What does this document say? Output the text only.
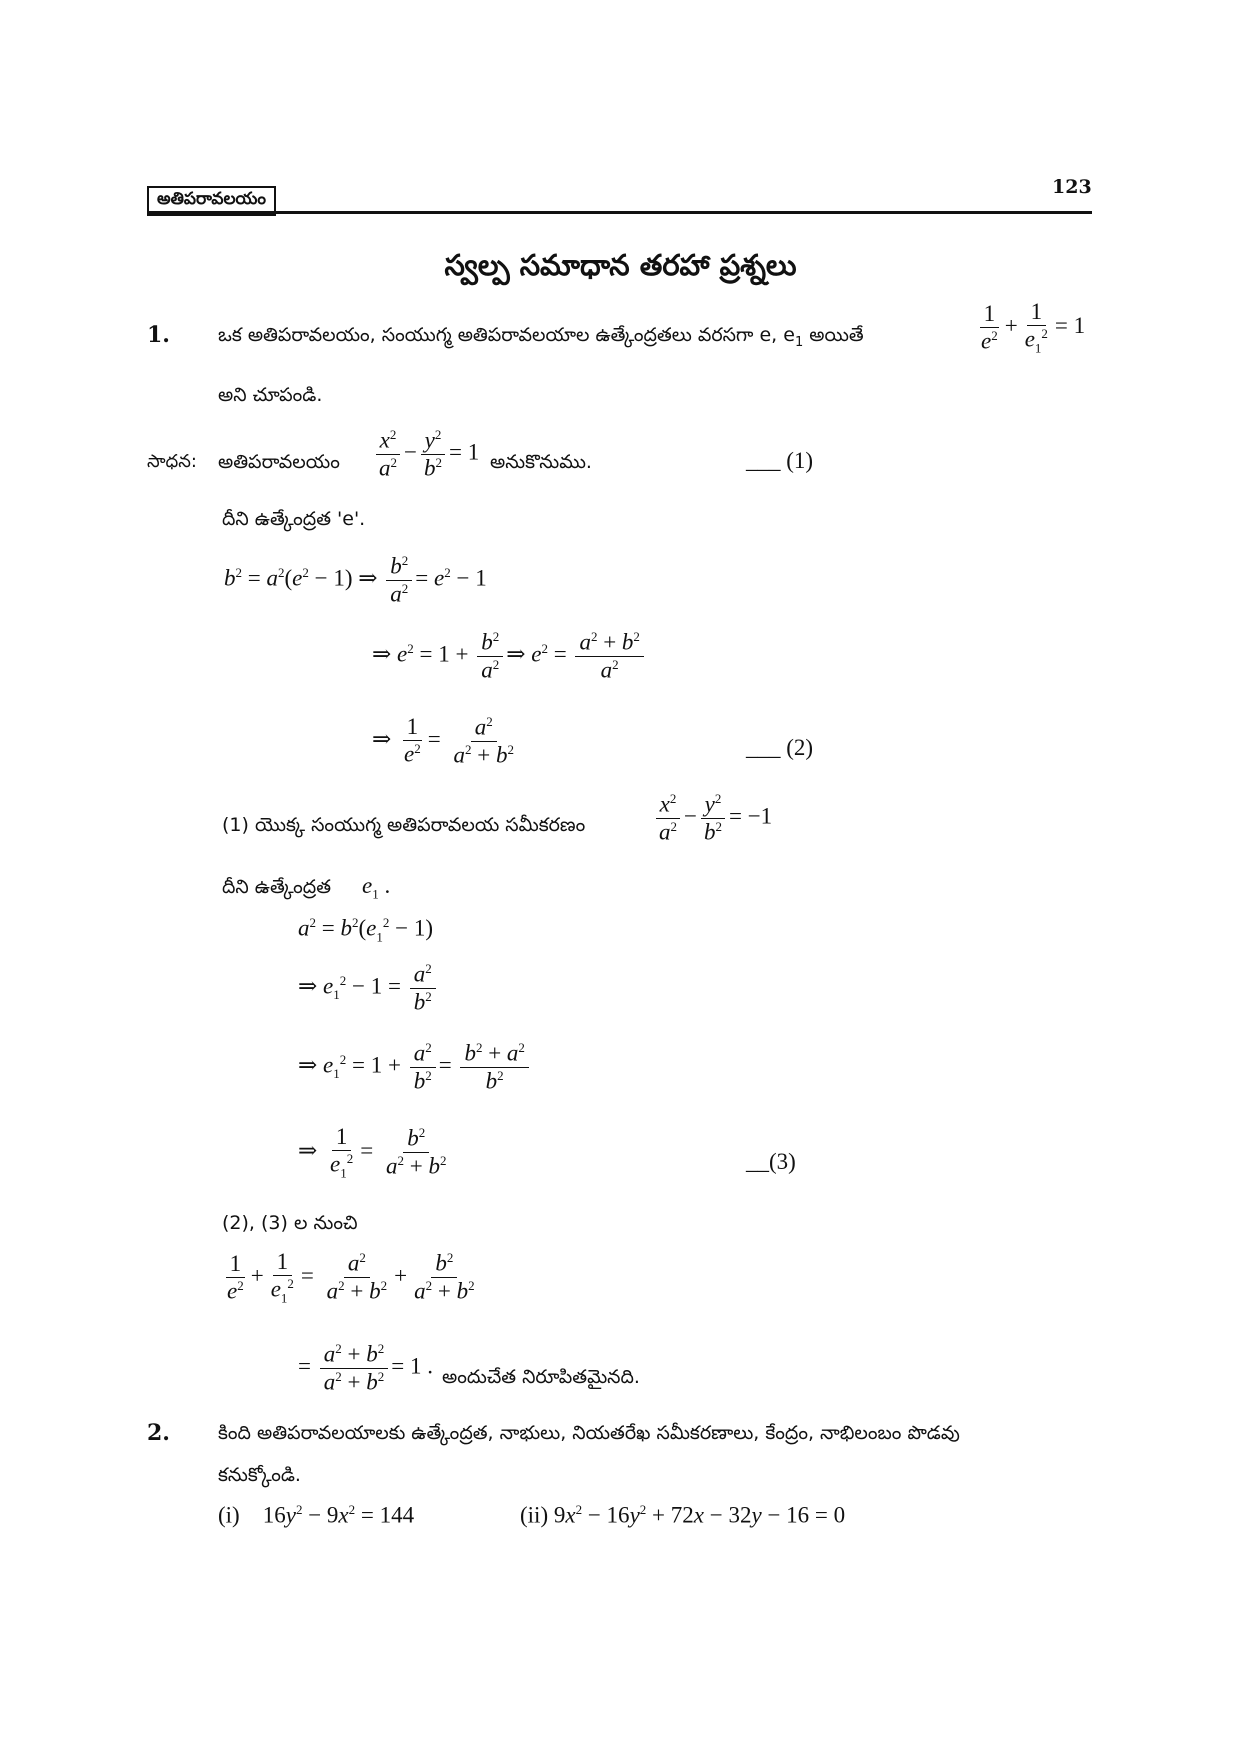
అతిపరావలయం
123
స్వల్ప సమాధాన తరహా ప్రశ్నలు
1.	ఒక అతిపరావలయం, సంయుగ్మ అతిపరావలయాల ఉత్కేంద్రతలు వరసగా e, $e_1$ అయితే	$\frac{1}{e^2} + \frac{1}{e_1^2} = 1$
అని చూపండి.
సాధన: అతిపరావలయం $\frac{x^2}{a^2} - \frac{y^2}{b^2} = 1$ అనుకొనుము.	___ (1)
దీని ఉత్కేంద్రత 'e'.
$b^2 = a^2(e^2 - 1)$ ⇒ $\frac{b^2}{a^2} = e^2 - 1$
⇒ $e^2 = 1 + \frac{b^2}{a^2}$ ⇒ $e^2 = \frac{a^2 + b^2}{a^2}$
⇒ $\frac{1}{e^2} = \frac{a^2}{a^2 + b^2}$	___ (2)
(1) యొక్క సంయుగ్మ అతిపరావలయ సమీకరణం	$\frac{x^2}{a^2} - \frac{y^2}{b^2} = -1$
దీని ఉత్కేంద్రత $e_1$ .
$a^2 = b^2(e_1^2 - 1)$
⇒ $e_1^2 - 1 = \frac{a^2}{b^2}$
⇒ $e_1^2 = 1 + \frac{a^2}{b^2} = \frac{b^2 + a^2}{b^2}$
⇒ $\frac{1}{e_1^2} = \frac{b^2}{a^2 + b^2}$	__(3)
(2), (3) ల నుంచి
$\frac{1}{e^2} + \frac{1}{e_1^2} = \frac{a^2}{a^2 + b^2} + \frac{b^2}{a^2 + b^2}$
= $\frac{a^2 + b^2}{a^2 + b^2} = 1$ . అందుచేత నిరూపితమైనది.
2.	కింది అతిపరావలయాలకు ఉత్కేంద్రత, నాభులు, నియతరేఖ సమీకరణాలు, కేంద్రం, నాభిలంబం పొడవు
కనుక్కోండి.
(i)    $16y^2 - 9x^2 = 144$	(ii) $9x^2 - 16y^2 + 72x - 32y - 16 = 0$
